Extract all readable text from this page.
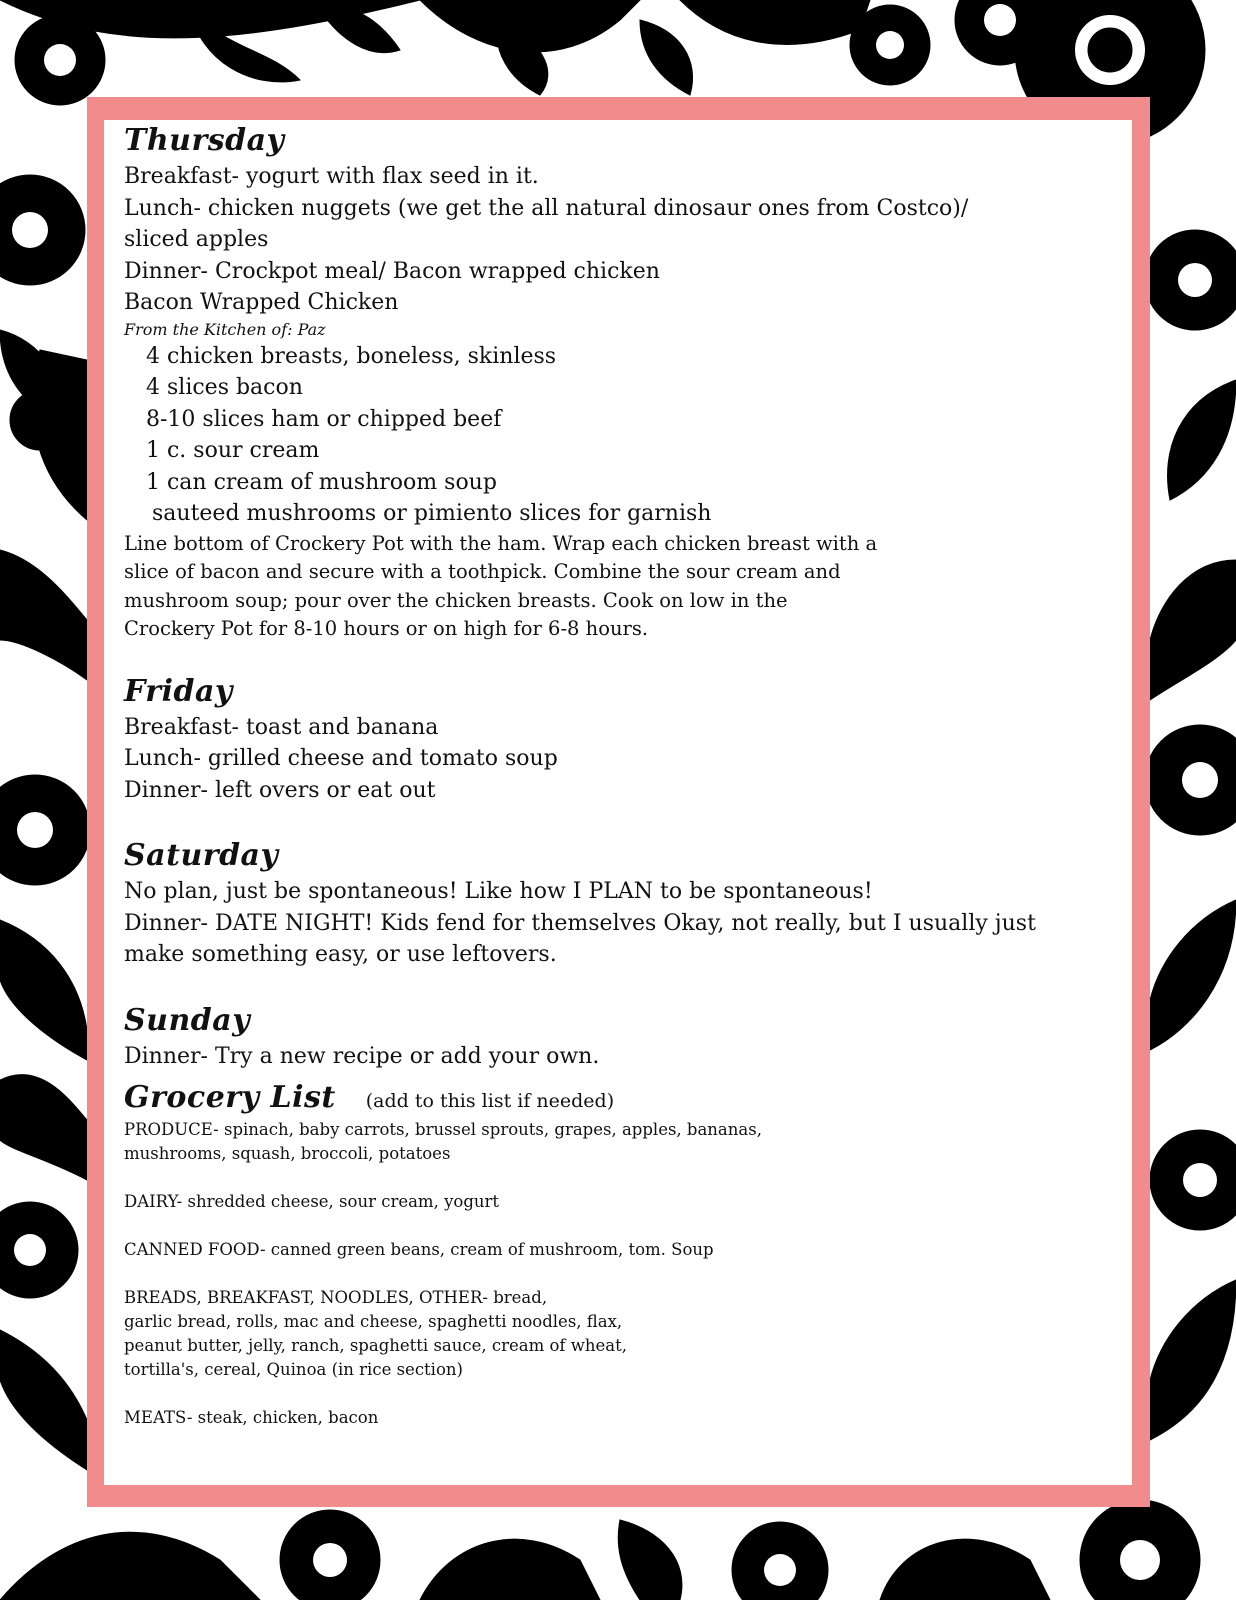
Thursday

Breakfast- yogurt with flax seed in it.

Lunch- chicken nuggets (we get the all natural dinosaur ones from Costco)/

sliced apples

Dinner- Crockpot meal/ Bacon wrapped chicken

Bacon Wrapped Chicken

From the Kitchen of: Paz

4 chicken breasts, boneless, skinless

4 slices bacon

8-10 slices ham or chipped beef

1 c. sour cream

1 can cream of mushroom soup

sauteed mushrooms or pimiento slices for garnish

Line bottom of Crockery Pot with the ham. Wrap each chicken breast with a

slice of bacon and secure with a toothpick. Combine the sour cream and

mushroom soup; pour over the chicken breasts. Cook on low in the

Crockery Pot for 8-10 hours or on high for 6-8 hours.

Friday

Breakfast- toast and banana

Lunch- grilled cheese and tomato soup

Dinner- left overs or eat out

Saturday

No plan, just be spontaneous! Like how I PLAN to be spontaneous!

Dinner- DATE NIGHT! Kids fend for themselves Okay, not really, but I usually just

make something easy, or use leftovers.

Sunday

Dinner- Try a new recipe or add your own.

Grocery List (add to this list if needed)

PRODUCE- spinach, baby carrots, brussel sprouts, grapes, apples, bananas,

mushrooms, squash, broccoli, potatoes

DAIRY- shredded cheese, sour cream, yogurt

CANNED FOOD- canned green beans, cream of mushroom, tom. Soup

BREADS, BREAKFAST, NOODLES, OTHER- bread,

garlic bread, rolls, mac and cheese, spaghetti noodles, flax,

peanut butter, jelly, ranch, spaghetti sauce, cream of wheat,

tortilla's, cereal, Quinoa (in rice section)

MEATS- steak, chicken, bacon
